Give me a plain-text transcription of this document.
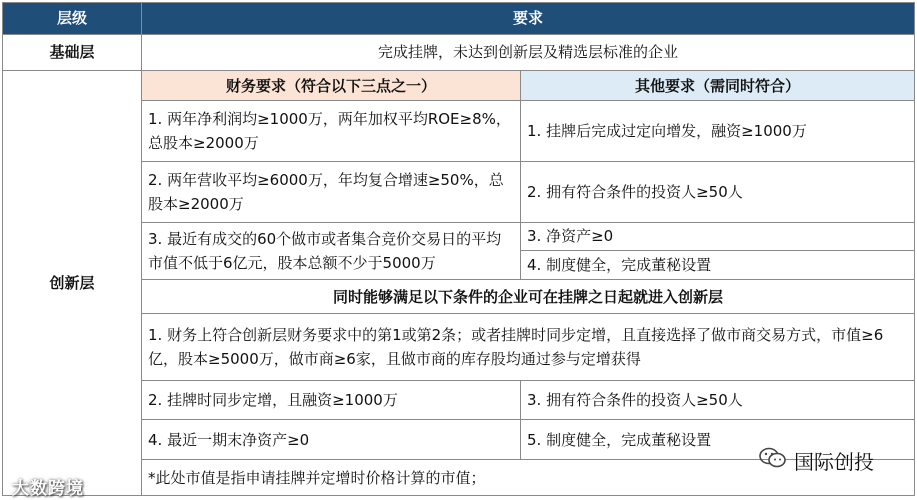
层级	要求	
基础层	完成挂牌，未达到创新层及精选层标准的企业	
创新层	财务要求（符合以下三点之一）	其他要求（需同时符合）
	1. 两年净利润均≥1000万，两年加权平均ROE≥8%，总股本≥2000万	1. 挂牌后完成过定向增发，融资≥1000万
	2. 两年营收平均≥6000万，年均复合增速≥50%，总股本≥2000万	2. 拥有符合条件的投资人≥50人
	3. 最近有成交的60个做市或者集合竞价交易日的平均市值不低于6亿元，股本总额不少于5000万	3. 净资产≥0
		4. 制度健全，完成董秘设置
	同时能够满足以下条件的企业可在挂牌之日起就进入创新层	
	1. 财务上符合创新层财务要求中的第1或第2条；或者挂牌时同步定增，且直接选择了做市商交易方式，市值≥6亿，股本≥5000万，做市商≥6家，且做市商的库存股均通过参与定增获得	
	2. 挂牌时同步定增，且融资≥1000万	3. 拥有符合条件的投资人≥50人
	4. 最近一期末净资产≥0	5. 制度健全，完成董秘设置
	*此处市值是指申请挂牌并定增时价格计算的市值；	
大数跨境
国际创投
